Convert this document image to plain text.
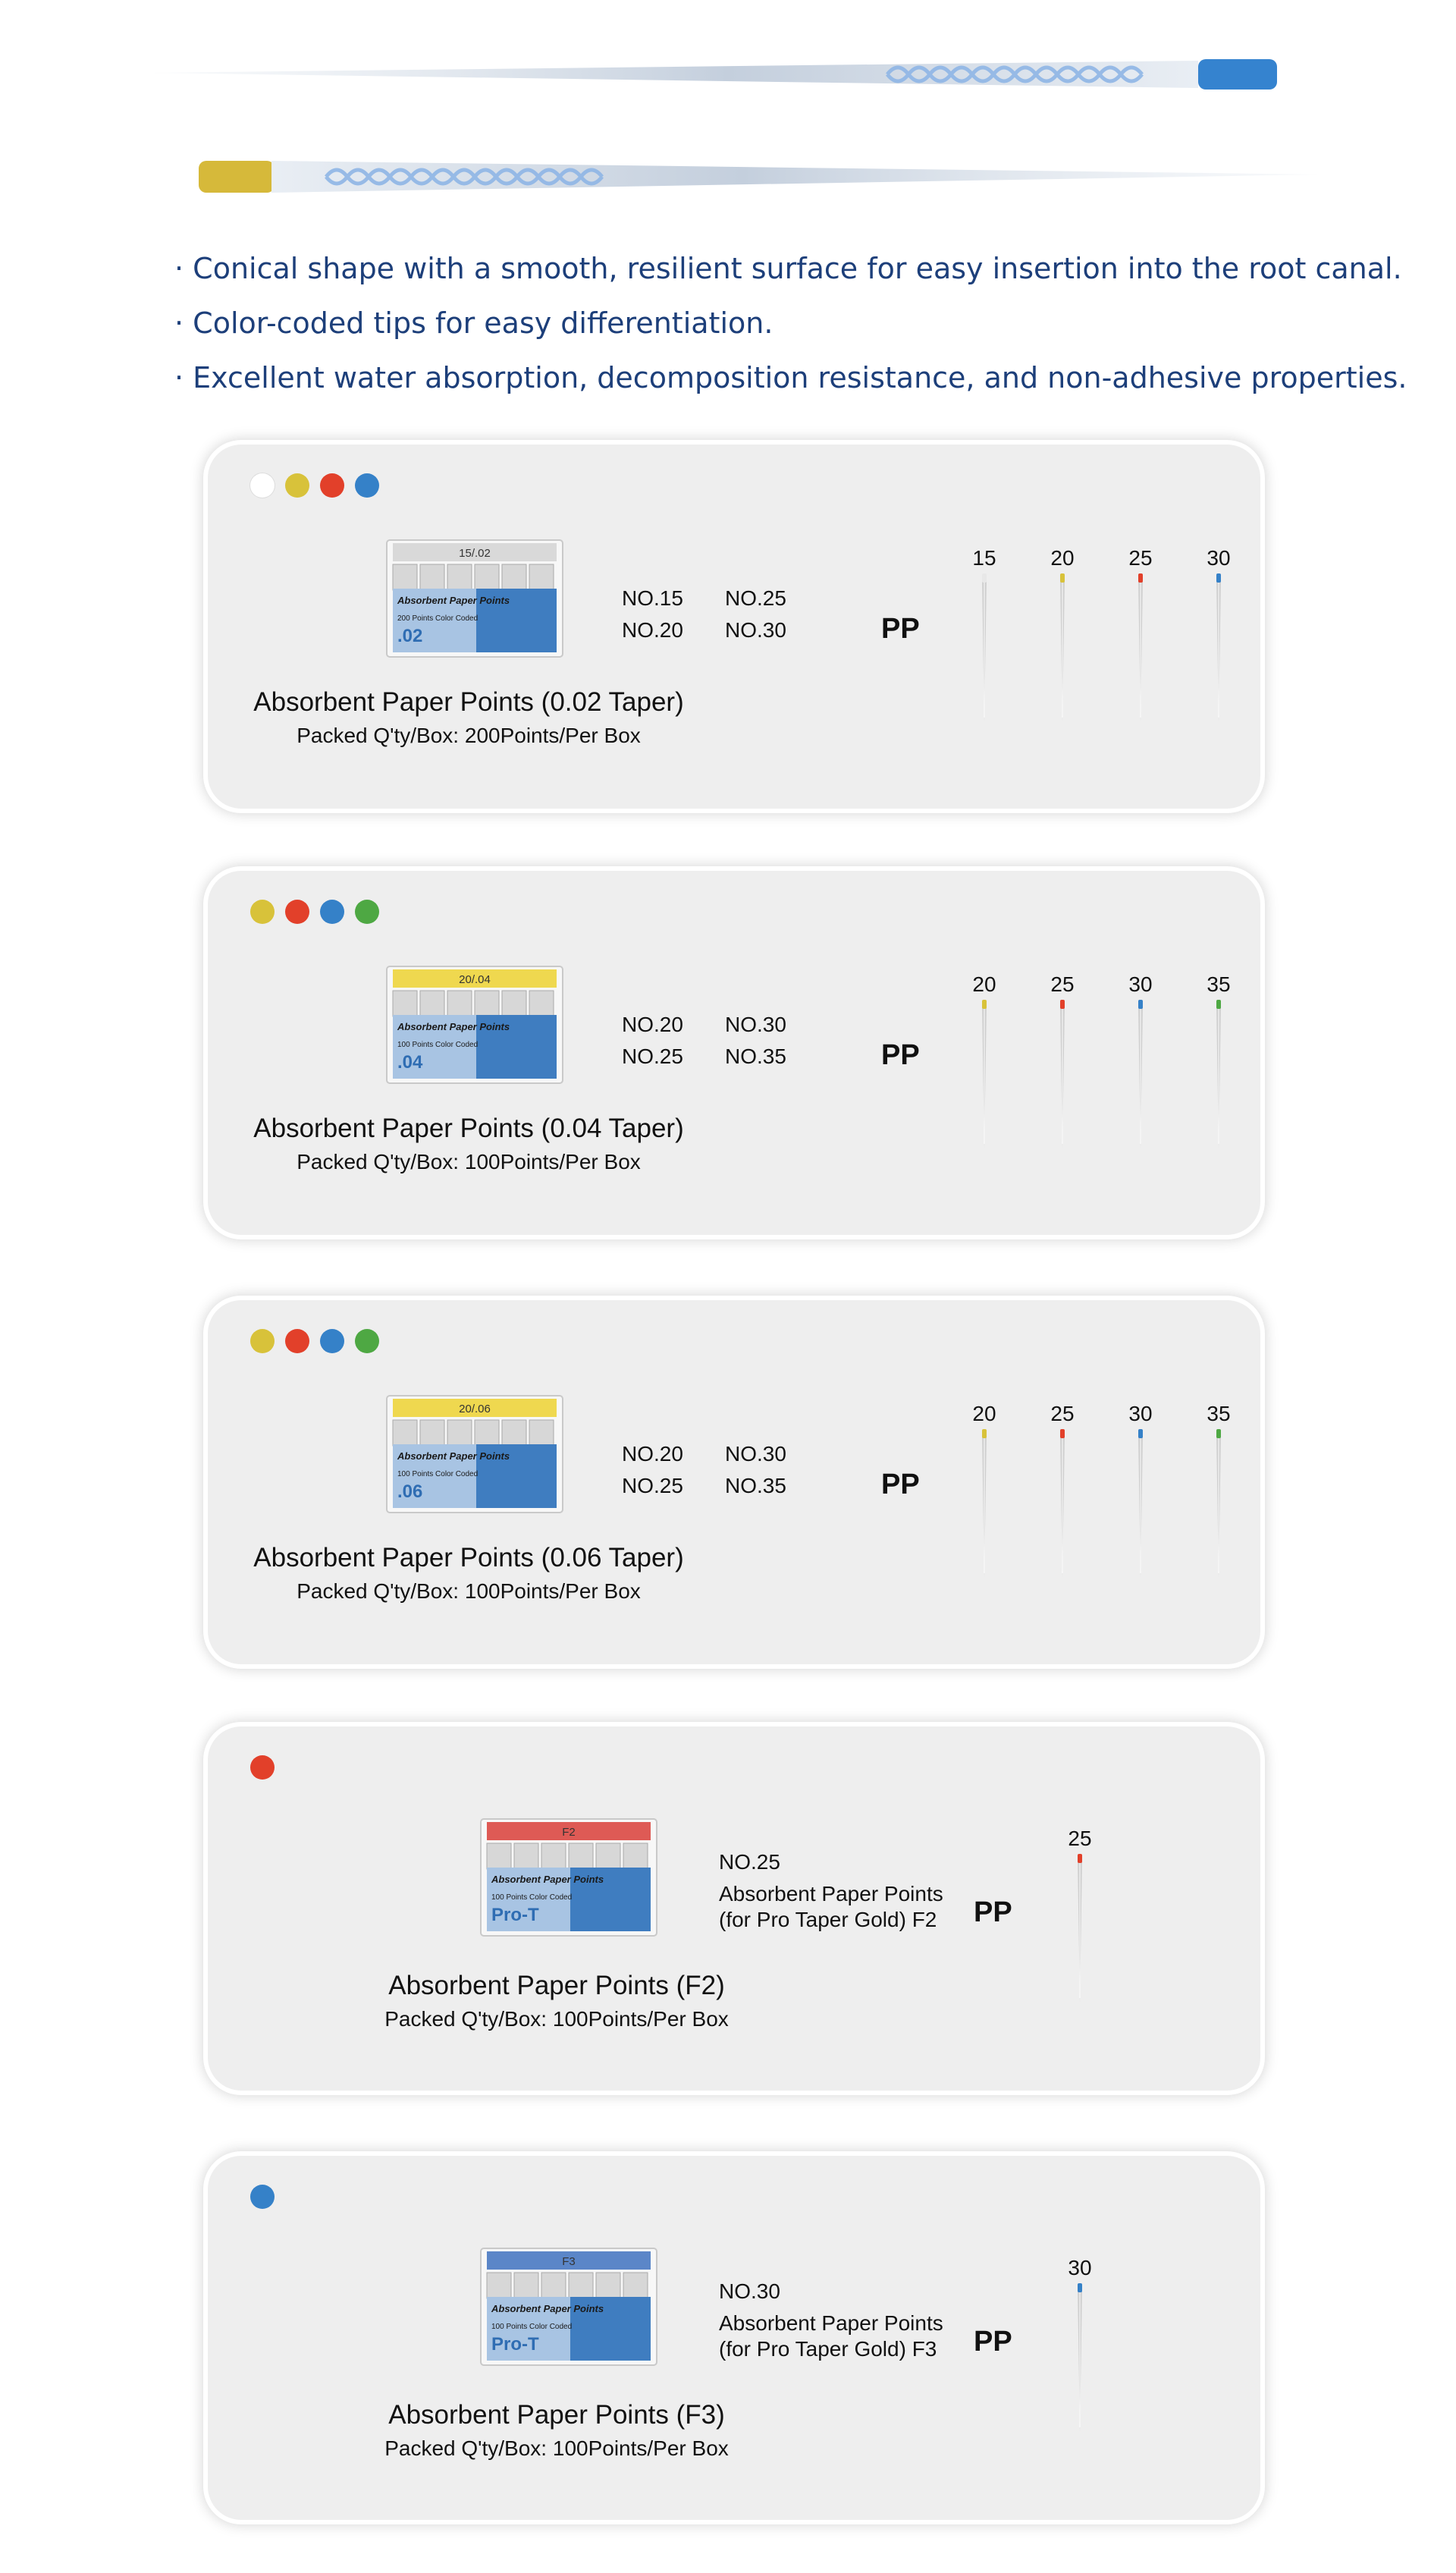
· Conical shape with a smooth, resilient surface for easy insertion into the root canal.
· Color-coded tips for easy differentiation.
· Excellent water absorption, decomposition resistance, and non-adhesive properties.
15/.02
Absorbent Paper Points
200 Points Color Coded
.02
NO.15 NO.25
NO.20 NO.30	PP
Absorbent Paper Points (0.02 Taper)
Packed Q'ty/Box: 200Points/Per Box
15	20	25	30
20/.04
Absorbent Paper Points
100 Points Color Coded
.04
NO.20 NO.30
NO.25 NO.35	PP
Absorbent Paper Points (0.04 Taper)
Packed Q'ty/Box: 100Points/Per Box
20	25	30	35
20/.06
Absorbent Paper Points
100 Points Color Coded
.06
NO.20 NO.30
NO.25 NO.35	PP
Absorbent Paper Points (0.06 Taper)
Packed Q'ty/Box: 100Points/Per Box
20	25	30	35
F2
Absorbent Paper Points
100 Points Color Coded
Pro-T
NO.25
Absorbent Paper Points
(for Pro Taper Gold) F2 PP
Absorbent Paper Points (F2)
Packed Q'ty/Box: 100Points/Per Box
25
F3
Absorbent Paper Points
100 Points Color Coded
Pro-T
NO.30
Absorbent Paper Points
(for Pro Taper Gold) F3 PP
Absorbent Paper Points (F3)
Packed Q'ty/Box: 100Points/Per Box
30
